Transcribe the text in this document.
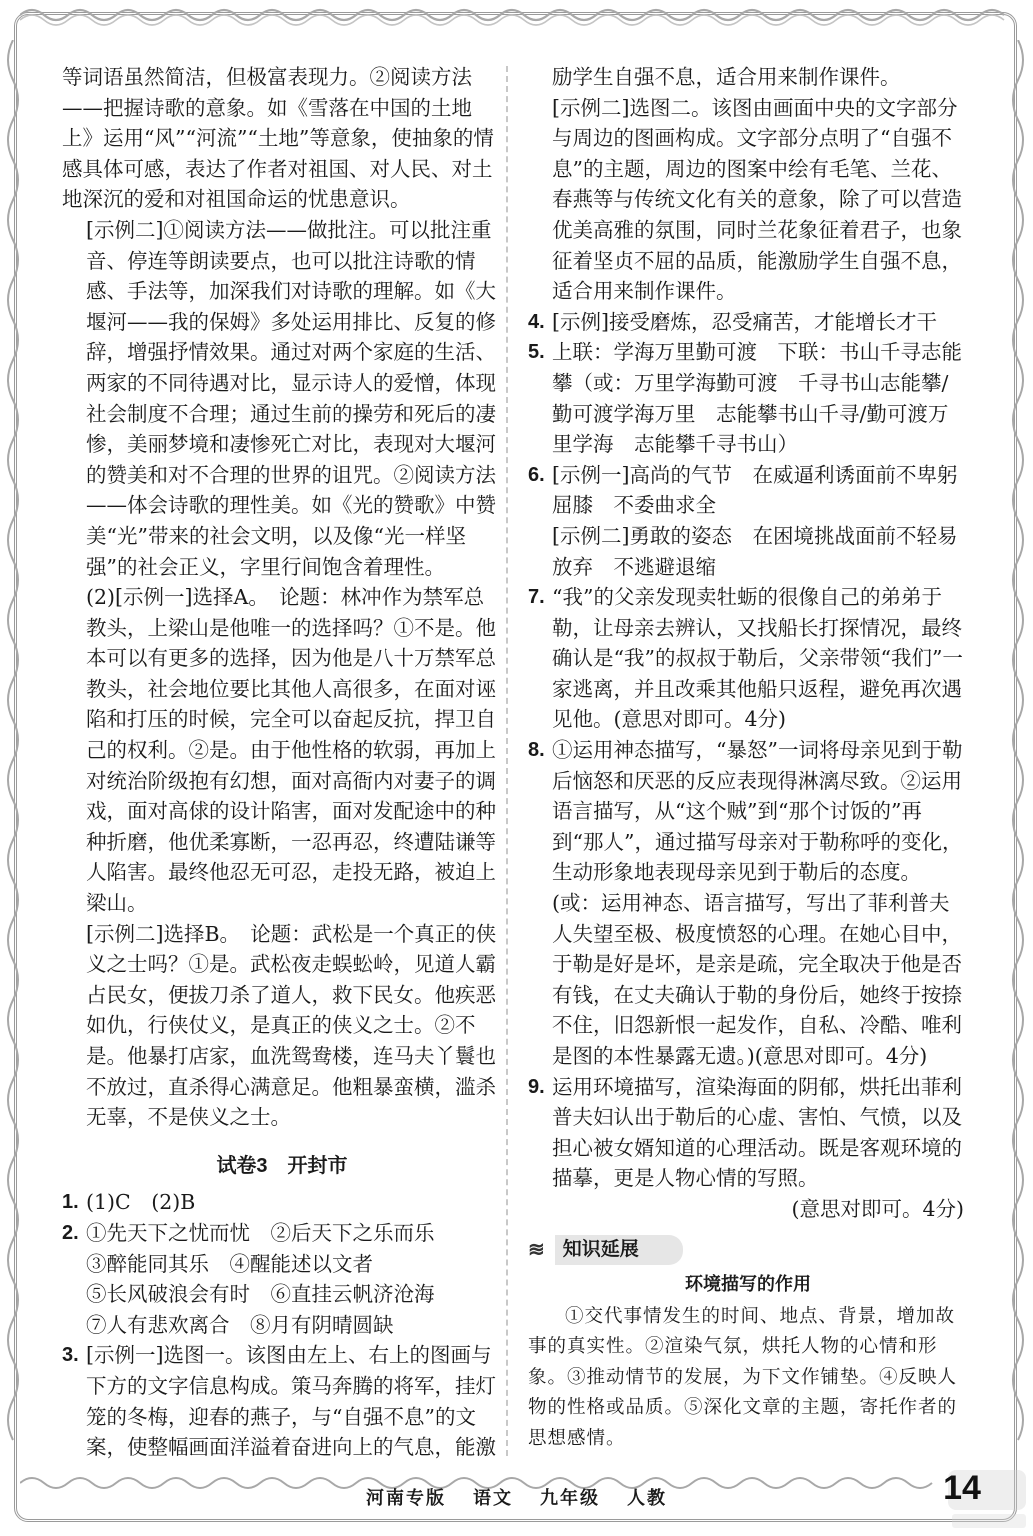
等词语虽然简洁，但极富表现力。②阅读方法——把握诗歌的意象。如《雪落在中国的土地上》运用“风”“河流”“土地”等意象，使抽象的情感具体可感，表达了作者对祖国、对人民、对土地深沉的爱和对祖国命运的忧患意识。

[示例二]①阅读方法——做批注。可以批注重音、停连等朗读要点，也可以批注诗歌的情感、手法等，加深我们对诗歌的理解。如《大堰河——我的保姆》多处运用排比、反复的修辞，增强抒情效果。通过对两个家庭的生活、两家的不同待遇对比，显示诗人的爱憎，体现社会制度不合理；通过生前的操劳和死后的凄惨，美丽梦境和凄惨死亡对比，表现对大堰河的赞美和对不合理的世界的诅咒。②阅读方法——体会诗歌的理性美。如《光的赞歌》中赞美“光”带来的社会文明，以及像“光一样坚强”的社会正义，字里行间饱含着理性。

(2)[示例一]选择A。　论题：林冲作为禁军总教头，上梁山是他唯一的选择吗？①不是。他本可以有更多的选择，因为他是八十万禁军总教头，社会地位要比其他人高很多，在面对诬陷和打压的时候，完全可以奋起反抗，捍卫自己的权利。②是。由于他性格的软弱，再加上对统治阶级抱有幻想，面对高衙内对妻子的调戏，面对高俅的设计陷害，面对发配途中的种种折磨，他优柔寡断，一忍再忍，终遭陆谦等人陷害。最终他忍无可忍，走投无路，被迫上梁山。

[示例二]选择B。　论题：武松是一个真正的侠义之士吗？①是。武松夜走蜈蚣岭，见道人霸占民女，便拔刀杀了道人，救下民女。他疾恶如仇，行侠仗义，是真正的侠义之士。②不是。他暴打店家，血洗鸳鸯楼，连马夫丫鬟也不放过，直杀得心满意足。他粗暴蛮横，滥杀无辜，不是侠义之士。

试卷3　开封市
1. (1)C　(2)B
2. ①先天下之忧而忧　②后天下之乐而乐
③醉能同其乐　④醒能述以文者
⑤长风破浪会有时　⑥直挂云帆济沧海
⑦人有悲欢离合　⑧月有阴晴圆缺
3. [示例一]选图一。该图由左上、右上的图画与下方的文字信息构成。策马奔腾的将军，挂灯笼的冬梅，迎春的燕子，与“自强不息”的文案，使整幅画面洋溢着奋进向上的气息，能激

励学生自强不息，适合用来制作课件。

[示例二]选图二。该图由画面中央的文字部分与周边的图画构成。文字部分点明了“自强不息”的主题，周边的图案中绘有毛笔、兰花、春燕等与传统文化有关的意象，除了可以营造优美高雅的氛围，同时兰花象征着君子，也象征着坚贞不屈的品质，能激励学生自强不息，适合用来制作课件。

4. [示例]接受磨炼，忍受痛苦，才能增长才干
5. 上联：学海万里勤可渡　下联：书山千寻志能攀（或：万里学海勤可渡　千寻书山志能攀/勤可渡学海万里　志能攀书山千寻/勤可渡万里学海　志能攀千寻书山）
6. [示例一]高尚的气节　在威逼利诱面前不卑躬屈膝　不委曲求全
[示例二]勇敢的姿态　在困境挑战面前不轻易放弃　不逃避退缩
7. “我”的父亲发现卖牡蛎的很像自己的弟弟于勒，让母亲去辨认，又找船长打探情况，最终确认是“我”的叔叔于勒后，父亲带领“我们”一家逃离，并且改乘其他船只返程，避免再次遇见他。(意思对即可。4分)
8. ①运用神态描写，“暴怒”一词将母亲见到于勒后恼怒和厌恶的反应表现得淋漓尽致。②运用语言描写，从“这个贼”到“那个讨饭的”再到“那人”，通过描写母亲对于勒称呼的变化，生动形象地表现母亲见到于勒后的态度。(或：运用神态、语言描写，写出了菲利普夫人失望至极、极度愤怒的心理。在她心目中，于勒是好是坏，是亲是疏，完全取决于他是否有钱，在丈夫确认于勒的身份后，她终于按捺不住，旧怨新恨一起发作，自私、冷酷、唯利是图的本性暴露无遗。)(意思对即可。4分)
9. 运用环境描写，渲染海面的阴郁，烘托出菲利普夫妇认出于勒后的心虚、害怕、气愤，以及担心被女婿知道的心理活动。既是客观环境的描摹，更是人物心情的写照。
(意思对即可。4分)
≋ 知识延展
环境描写的作用
①交代事情发生的时间、地点、背景，增加故事的真实性。②渲染气氛，烘托人物的心情和形象。③推动情节的发展，为下文作铺垫。④反映人物的性格或品质。⑤深化文章的主题，寄托作者的思想感情。
河南专版 语文 九年级 人教	14
